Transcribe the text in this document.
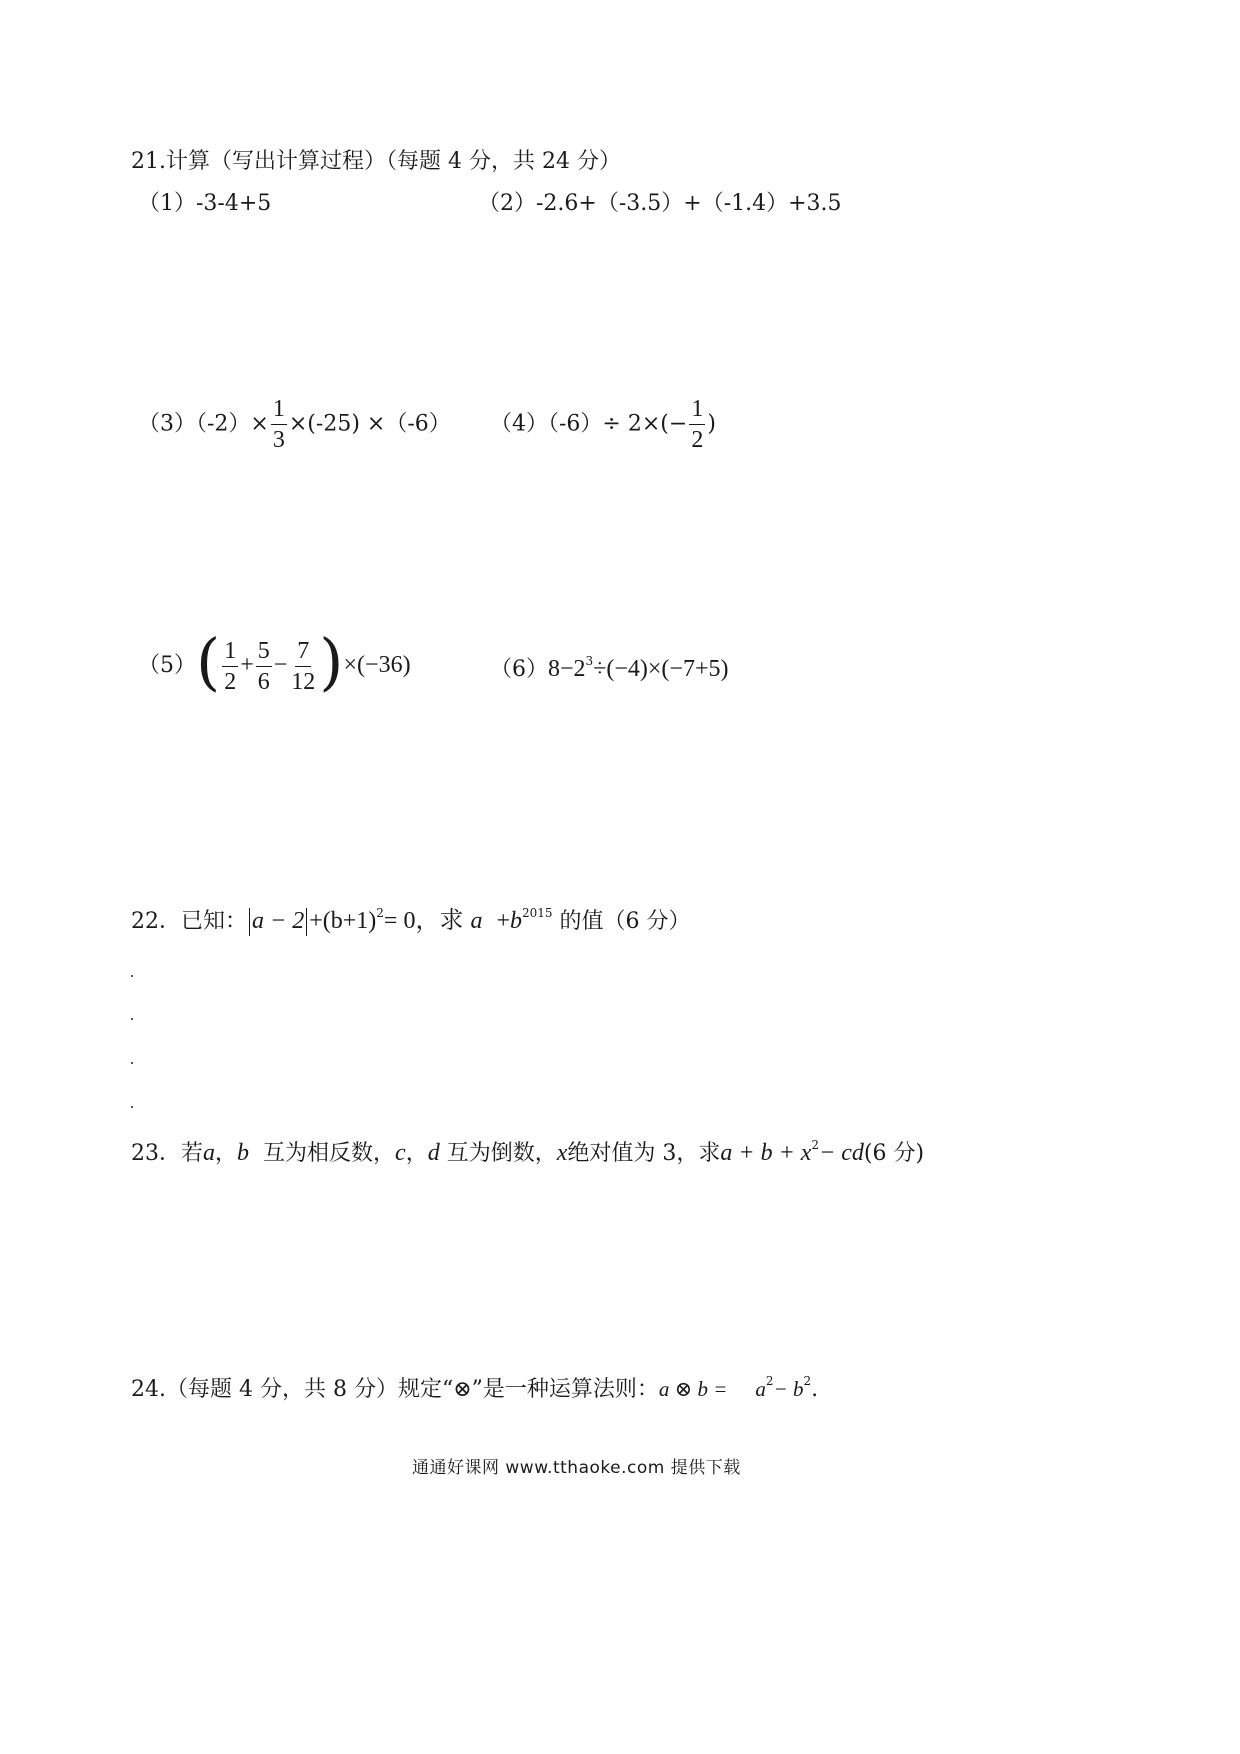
21.计算（写出计算过程）（每题 4 分，共 24 分）
（1）-3-4+5	（2）-2.6+（-3.5）+（-1.4）+3.5
$(3)(-2)\times \frac{1}{3} \times(-25) \times(-6)$ $(4)(-6)\div 2\times(- \frac{1}{2}$ )
$(5)( \frac{1}{2} + \frac{5}{6} - \frac{7}{12} )\times(-36)$	$(6)8-2^3\div(-4)\times(-7+5)$
22．已知： $a - 2 +(b+1)^2= 0$，求 $a +b^{2015}$ 的值（6 分）
23．若a，b 互为相反数，c，d 互为倒数，x绝对值为 3，求$a + b + x^2- cd(6$ 分)
24.（每题 4 分，共 8 分）规定“⊗”是一种运算法则：a ⊗ $b = a^2- b^2$.
通通好课网 www.tthaoke.com 提供下载
